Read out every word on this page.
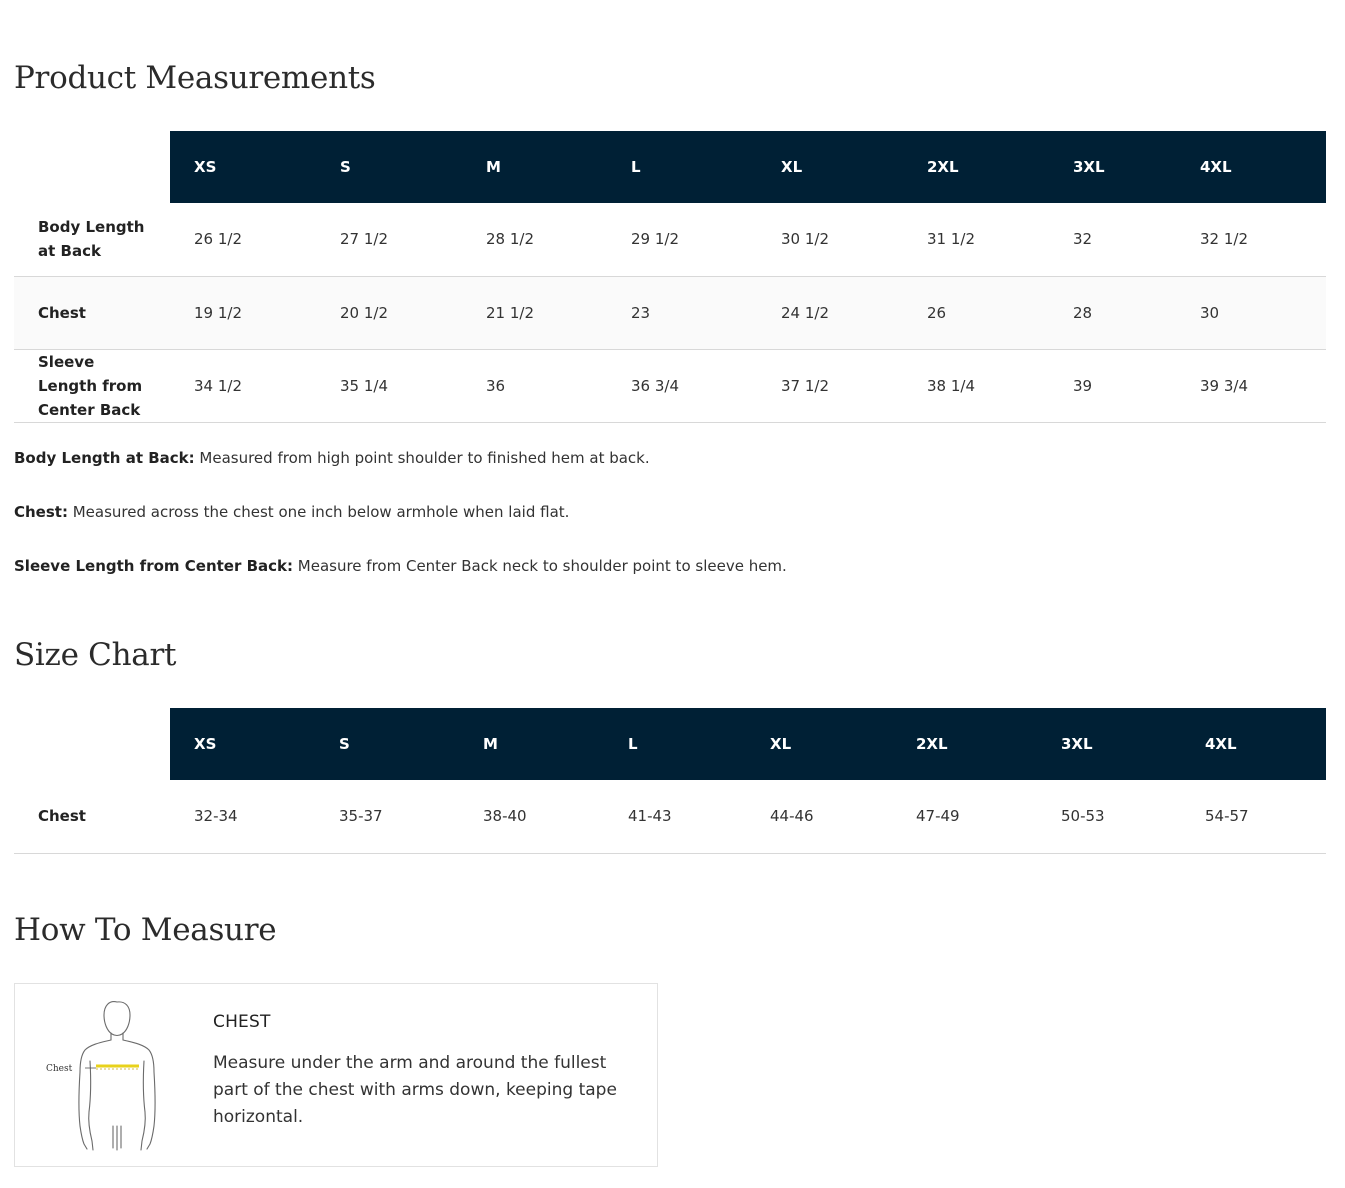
Product Measurements
	XS	S	M	L	XL	2XL	3XL	4XL
Body Length at Back	26 1/2	27 1/2	28 1/2	29 1/2	30 1/2	31 1/2	32	32 1/2
Chest	19 1/2	20 1/2	21 1/2	23	24 1/2	26	28	30
Sleeve Length from Center Back	34 1/2	35 1/4	36	36 3/4	37 1/2	38 1/4	39	39 3/4

Body Length at Back: Measured from high point shoulder to finished hem at back.

Chest: Measured across the chest one inch below armhole when laid flat.

Sleeve Length from Center Back: Measure from Center Back neck to shoulder point to sleeve hem.

Size Chart
	XS	S	M	L	XL	2XL	3XL	4XL
Chest	32-34	35-37	38-40	41-43	44-46	47-49	50-53	54-57
How To Measure
Chest
CHEST

Measure under the arm and around the fullest part of the chest with arms down, keeping tape horizontal.
